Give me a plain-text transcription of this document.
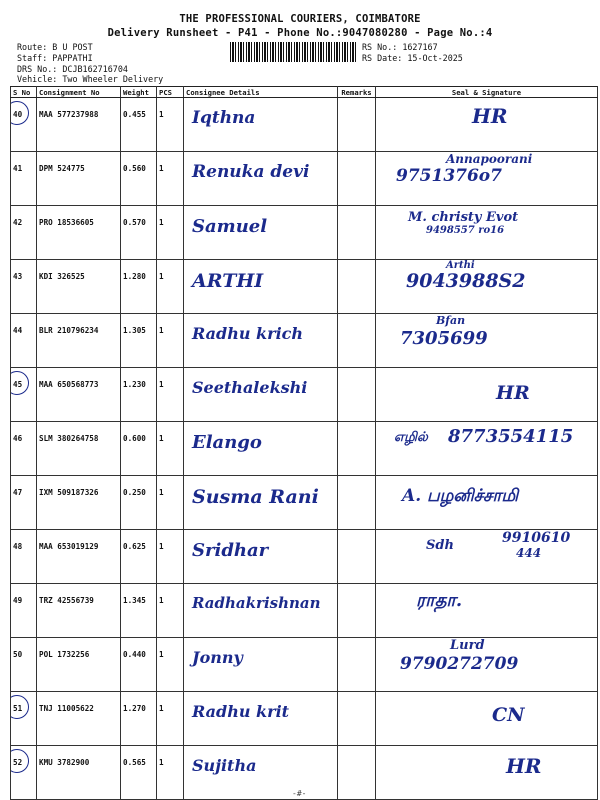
THE PROFESSIONAL COURIERS, COIMBATORE
Delivery Runsheet - P41 - Phone No.:9047080280 - Page No.:4
Route: B U POST
Staff: PAPPATHI
DRS No.: DCJB162716704
Vehicle: Two Wheeler Delivery
RS No.: 1627167
RS Date: 15-Oct-2025
S No	Consignment No	Weight	PCS	Consignee Details	Remarks	Seal & Signature
40	MAA 577237988	0.455	1	Iqthna		HR

41	DPM 524775	0.560	1	Renuka devi		Annapoorani
9751376o7

42	PRO 18536605	0.570	1	Samuel		M. christy Evot
9498557 ro16

43	KDI 326525	1.280	1	ARTHI		Arthi
9043988S2

44	BLR 210796234	1.305	1	Radhu krich		Bfan
7305699

45	MAA 650568773	1.230	1	Seethalekshi		HR

46	SLM 380264758	0.600	1	Elango		எழில் 8773554115

47	IXM 509187326	0.250	1	Susma Rani		A. பழனிச்சாமி

48	MAA 653019129	0.625	1	Sridhar		Sdh 9910610
444

49	TRZ 42556739	1.345	1	Radhakrishnan		ராதா.

50	POL 1732256	0.440	1	Jonny		Lurd
9790272709

51	TNJ 11005622	1.270	1	Radhu krit		CN

52	KMU 3782900	0.565	1	Sujitha		HR
-#-
